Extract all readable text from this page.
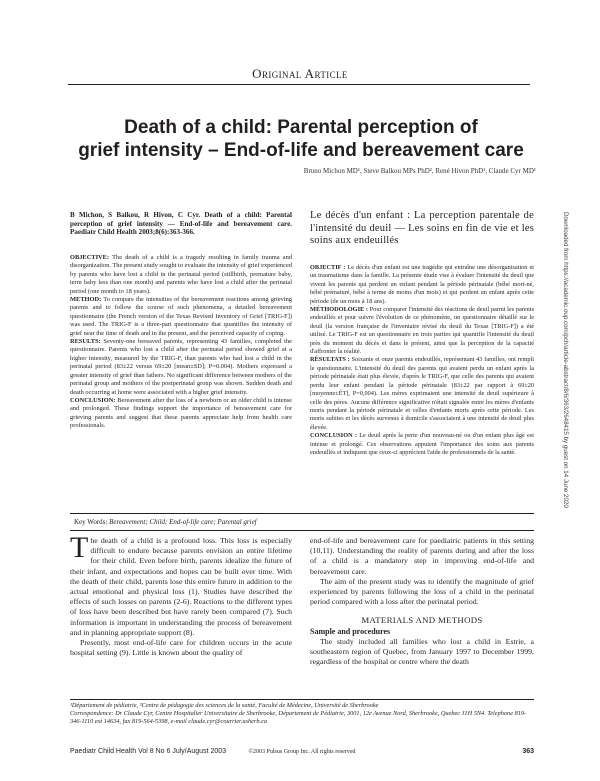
Original Article
Death of a child: Parental perception of
grief intensity – End-of-life and bereavement care
Bruno Michon MD¹, Steve Balkou MPs PhD², René Hivon PhD², Claude Cyr MD¹
B Michon, S Balkou, R Hivon, C Cyr. Death of a child: Parental perception of grief intensity — End-of-life and bereavement care. Paediatr Child Health 2003;8(6):363-366.

OBJECTIVE: The death of a child is a tragedy resulting in family trauma and disorganization. The present study sought to evaluate the intensity of grief experienced by parents who have lost a child in the perinatal period (stillbirth, premature baby, term baby less than one month) and parents who have lost a child after the perinatal period (one month to 18 years).

METHOD: To compare the intensities of the bereavement reactions among grieving parents and to follow the course of such phenomena, a detailed bereavement questionnaire (the French version of the Texas Revised Inventory of Grief [TRIG-F]) was used. The TRIG-F is a three-part questionnaire that quantifies the intensity of grief near the time of death and in the present, and the perceived capacity of coping.

RESULTS: Seventy-one bereaved parents, representing 43 families, completed the questionnaire. Parents who lost a child after the perinatal period showed grief at a higher intensity, measured by the TRIG-F, than parents who had lost a child in the perinatal period (83±22 versus 69±20 [mean±SD]; P=0.004). Mothers expressed a greater intensity of grief than fathers. No significant difference between mothers of the perinatal group and mothers of the postperinatal group was shown. Sudden death and death occurring at home were associated with a higher grief intensity.

CONCLUSION: Bereavement after the loss of a newborn or an older child is intense and prolonged. These findings support the importance of bereavement care for grieving parents and suggest that these parents appreciate help from health care professionals.

Le décès d'un enfant : La perception parentale de l'intensité du deuil — Les soins en fin de vie et les soins aux endeuillés

OBJECTIF : Le décès d'un enfant est une tragédie qui entraîne une désorganisation et un traumatisme dans la famille. La présente étude vise à évaluer l'intensité du deuil que vivent les parents qui perdent un enfant pendant la période périnatale (bébé mort-né, bébé prématuré, bébé à terme de moins d'un mois) et qui perdent un enfant après cette période (de un mois à 18 ans).

MÉTHODOLOGIE : Pour comparer l'intensité des réactions de deuil parmi les parents endeuillés et pour suivre l'évolution de ce phénomène, un questionnaire détaillé sur le deuil (la version française de l'inventaire révisé du deuil du Texas [TRIG-F]) a été utilisé. Le TRIG-F est un questionnaire en trois parties qui quantifie l'intensité du deuil près du moment du décès et dans le présent, ainsi que la perception de la capacité d'affronter la réalité.

RÉSULTATS : Soixante et onze parents endeuillés, représentant 43 familles, ont rempli le questionnaire. L'intensité du deuil des parents qui avaient perdu un enfant après la période périnatale était plus élevée, d'après le TRIG-F, que celle des parents qui avaient perdu leur enfant pendant la période périnatale (83±22 par rapport à 69±20 [moyenne±ÉT], P=0,004). Les mères exprimaient une intensité de deuil supérieure à celle des pères. Aucune différence significative n'était signalée entre les mères d'enfants morts pendant la période périnatale et celles d'enfants morts après cette période. Les morts subites et les décès survenus à domicile s'associaient à une intensité de deuil plus élevée.

CONCLUSION : Le deuil après la perte d'un nouveau-né ou d'un enfant plus âgé est intense et prolongé. Ces observations appuient l'importance des soins aux parents endeuillés et indiquent que ceux-ci apprécient l'aide de professionnels de la santé.

Key Words: Bereavement; Child; End-of-life care; Parental grief

The death of a child is a profound loss. This loss is especially difficult to endure because parents envision an entire lifetime for their child. Even before birth, parents idealize the future of their infant, and expectations and hopes can be built over time. With the death of their child, parents lose this entire future in addition to the actual emotional and physical loss (1). Studies have described the effects of such losses on parents (2-6). Reactions to the different types of loss have been described but have rarely been compared (7). Such information is important in understanding the process of bereavement and in planning appropriate support (8).

Presently, most end-of-life care for children occurs in the acute hospital setting (9). Little is known about the quality of

end-of-life and bereavement care for paediatric patients in this setting (10,11). Understanding the reality of parents during and after the loss of a child is a mandatory step in improving end-of-life and bereavement care.

The aim of the present study was to identify the magnitude of grief experienced by parents following the loss of a child in the perinatal period compared with a loss after the perinatal period.

MATERIALS AND METHODS

Sample and procedures

The study included all families who lost a child in Estrie, a southeastern region of Quebec, from January 1997 to December 1999, regardless of the hospital or centre where the death

¹Département de pédiatrie, ²Centre de pédagogie des sciences de la santé, Faculté de Médecine, Université de Sherbrooke

Correspondence: Dr Claude Cyr, Centre Hospitalier Universitaire de Sherbrooke, Département de Pédiatrie, 3001, 12e Avenue Nord, Sherbrooke, Quebec J1H 5N4. Telephone 819-346-1110 ext 14634, fax 819-564-5398, e-mail claude.cyr@courrier.usherb.ca

Paediatr Child Health Vol 8 No 6 July/August 2003	©2003 Pulsus Group Inc. All rights reserved	363
Downloaded from https://academic.oup.com/pch/article-abstract/8/6/363/2648415 by guest on 14 June 2020
